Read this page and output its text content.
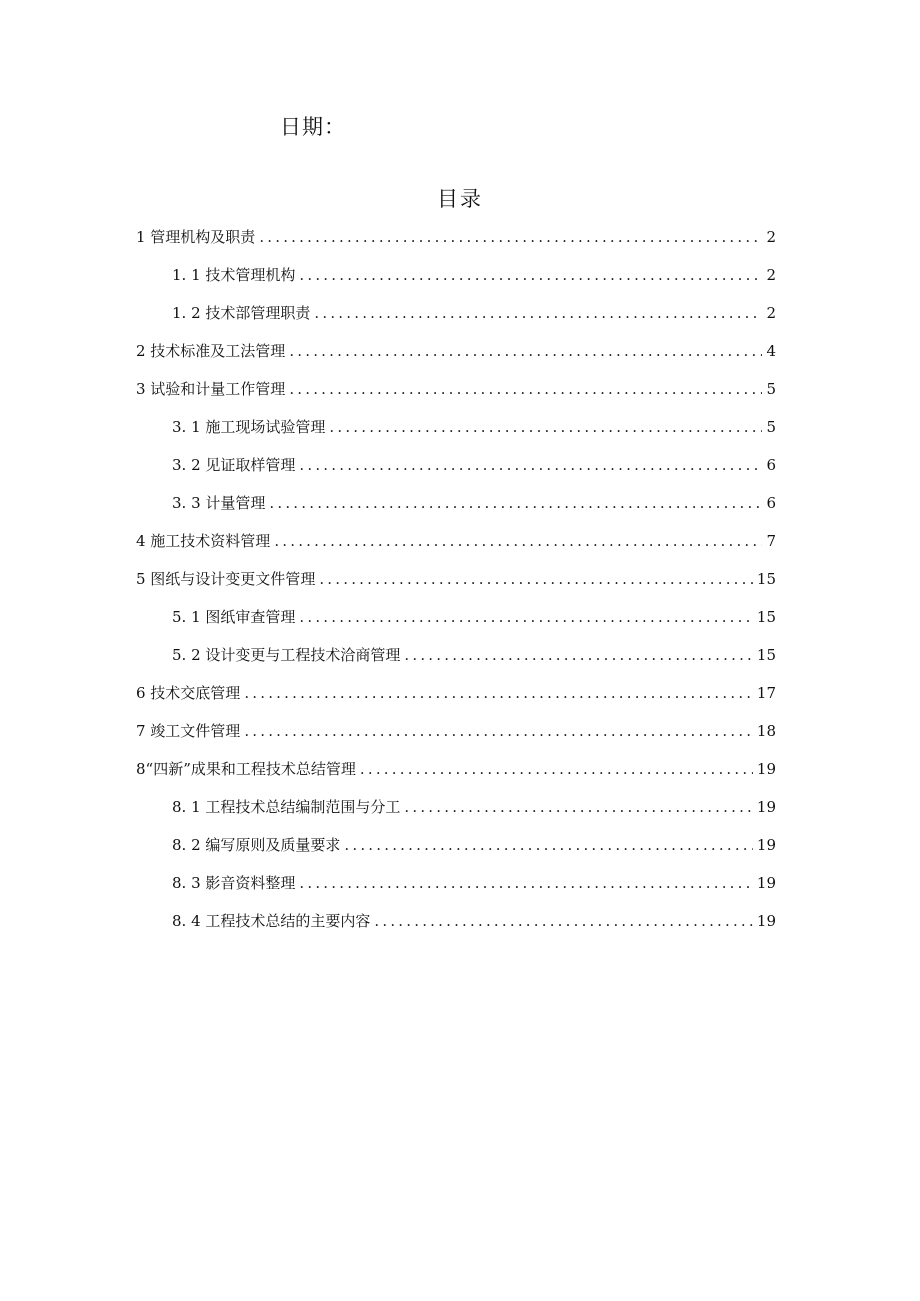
日期：
目录
1 管理机构及职责 .....	2
1. 1 技术管理机构 .....	2
1. 2 技术部管理职责 .....	2
2 技术标准及工法管理 .....	4
3 试验和计量工作管理 .....	5
3. 1 施工现场试验管理 .....	5
3. 2 见证取样管理 .....	6
3. 3 计量管理 .....	6
4 施工技术资料管理 .....	7
5 图纸与设计变更文件管理 .....	15
5. 1 图纸审查管理 .....	15
5. 2 设计变更与工程技术洽商管理 .....	15
6 技术交底管理 .....	17
7 竣工文件管理 .....	18
8“四新”成果和工程技术总结管理 .....	19
8. 1 工程技术总结编制范围与分工 .....	19
8. 2 编写原则及质量要求 .....	19
8. 3 影音资料整理 .....	19
8. 4 工程技术总结的主要内容 .....	19
